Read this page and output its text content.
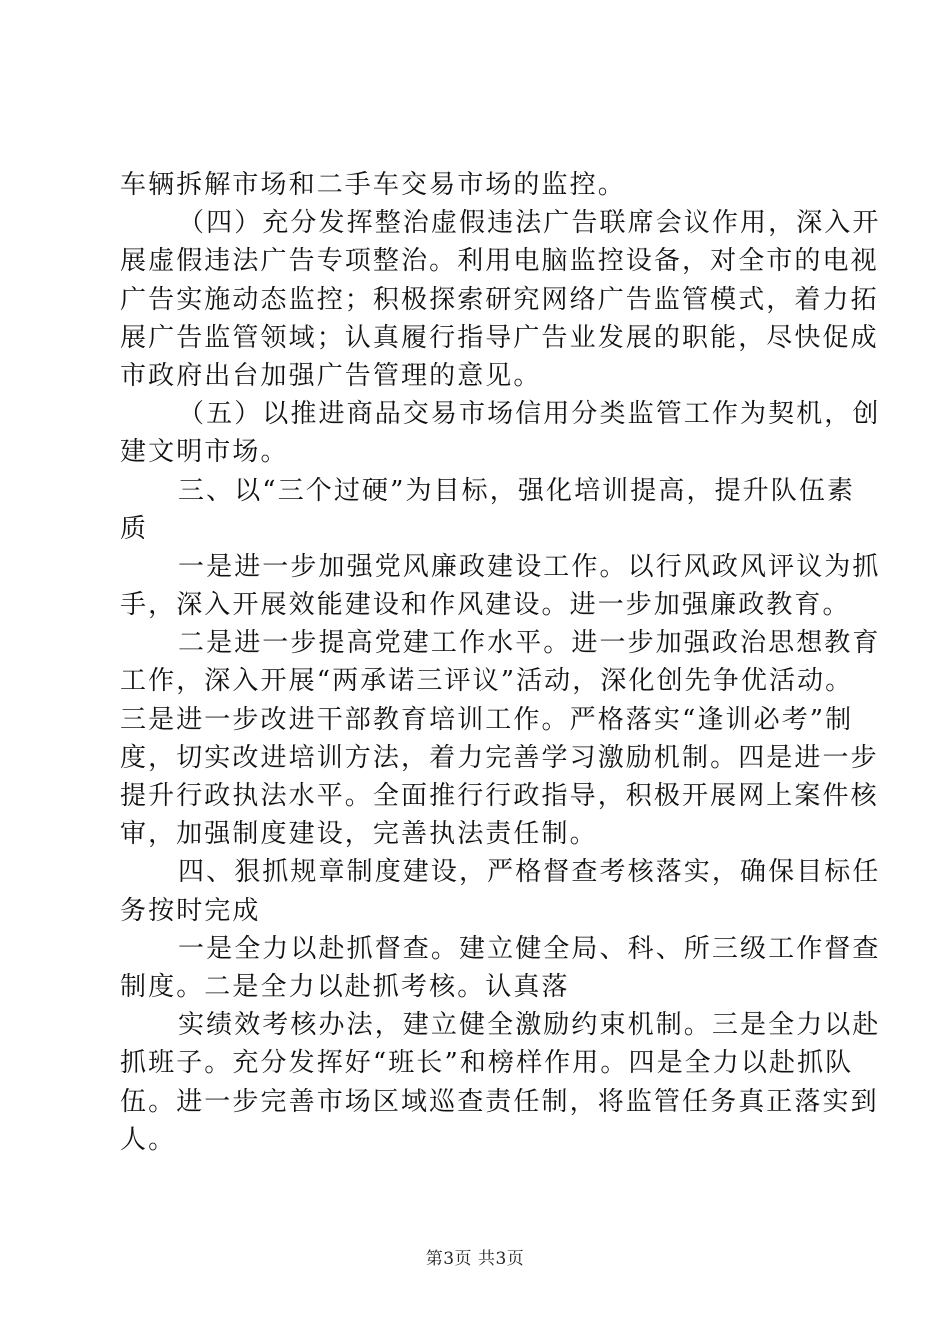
车辆拆解市场和二手车交易市场的监控。
（四）充分发挥整治虚假违法广告联席会议作用，深入开
展虚假违法广告专项整治。利用电脑监控设备，对全市的电视
广告实施动态监控；积极探索研究网络广告监管模式，着力拓
展广告监管领域；认真履行指导广告业发展的职能，尽快促成
市政府出台加强广告管理的意见。
（五）以推进商品交易市场信用分类监管工作为契机，创
建文明市场。
三、以“三个过硬”为目标，强化培训提高，提升队伍素
质
一是进一步加强党风廉政建设工作。以行风政风评议为抓
手，深入开展效能建设和作风建设。进一步加强廉政教育。
二是进一步提高党建工作水平。进一步加强政治思想教育
工作，深入开展“两承诺三评议”活动，深化创先争优活动。
三是进一步改进干部教育培训工作。严格落实“逢训必考”制
度，切实改进培训方法，着力完善学习激励机制。四是进一步
提升行政执法水平。全面推行行政指导，积极开展网上案件核
审，加强制度建设，完善执法责任制。
四、狠抓规章制度建设，严格督查考核落实，确保目标任
务按时完成
一是全力以赴抓督查。建立健全局、科、所三级工作督查
制度。二是全力以赴抓考核。认真落
实绩效考核办法，建立健全激励约束机制。三是全力以赴
抓班子。充分发挥好“班长”和榜样作用。四是全力以赴抓队
伍。进一步完善市场区域巡查责任制，将监管任务真正落实到
人。
第3页 共3页
